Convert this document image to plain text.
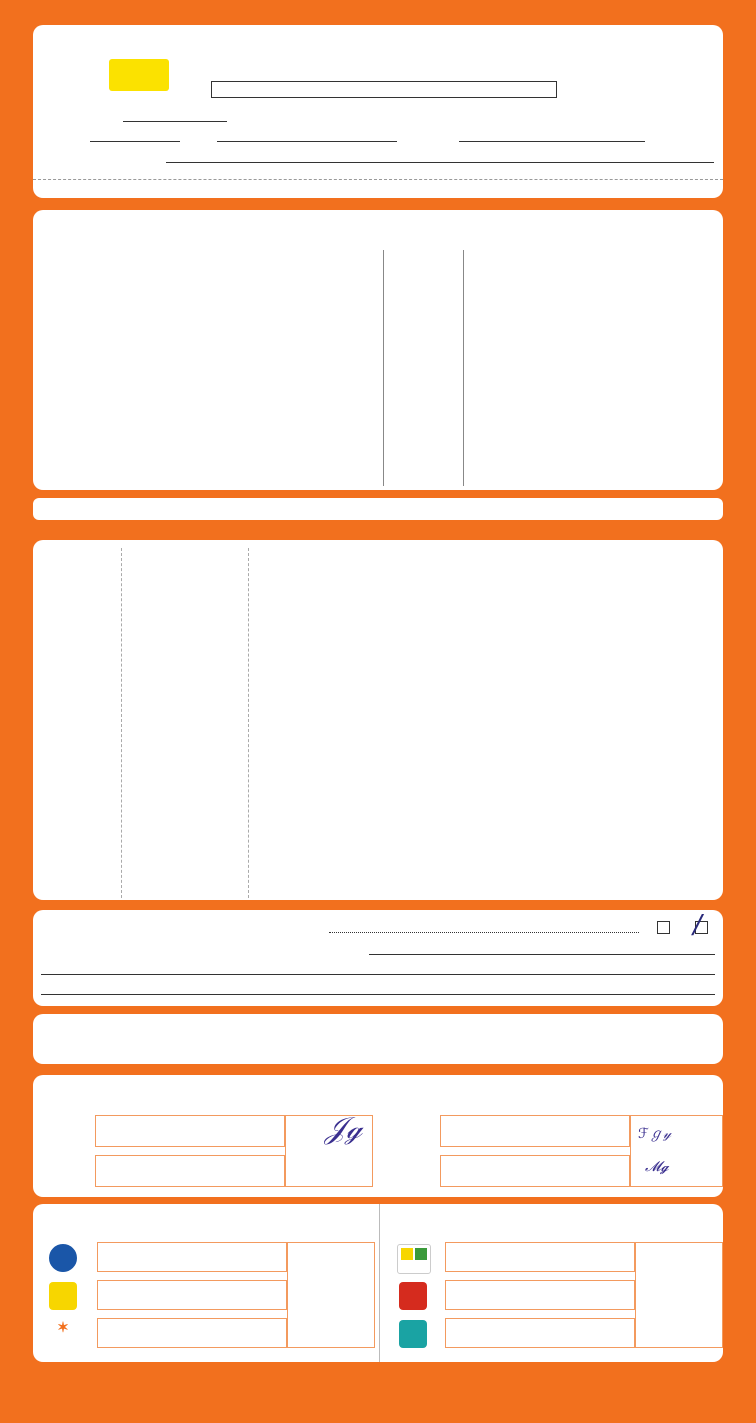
/
𝒥ℊ	ℱℊ𝓎
𝓜𝓰
✶
